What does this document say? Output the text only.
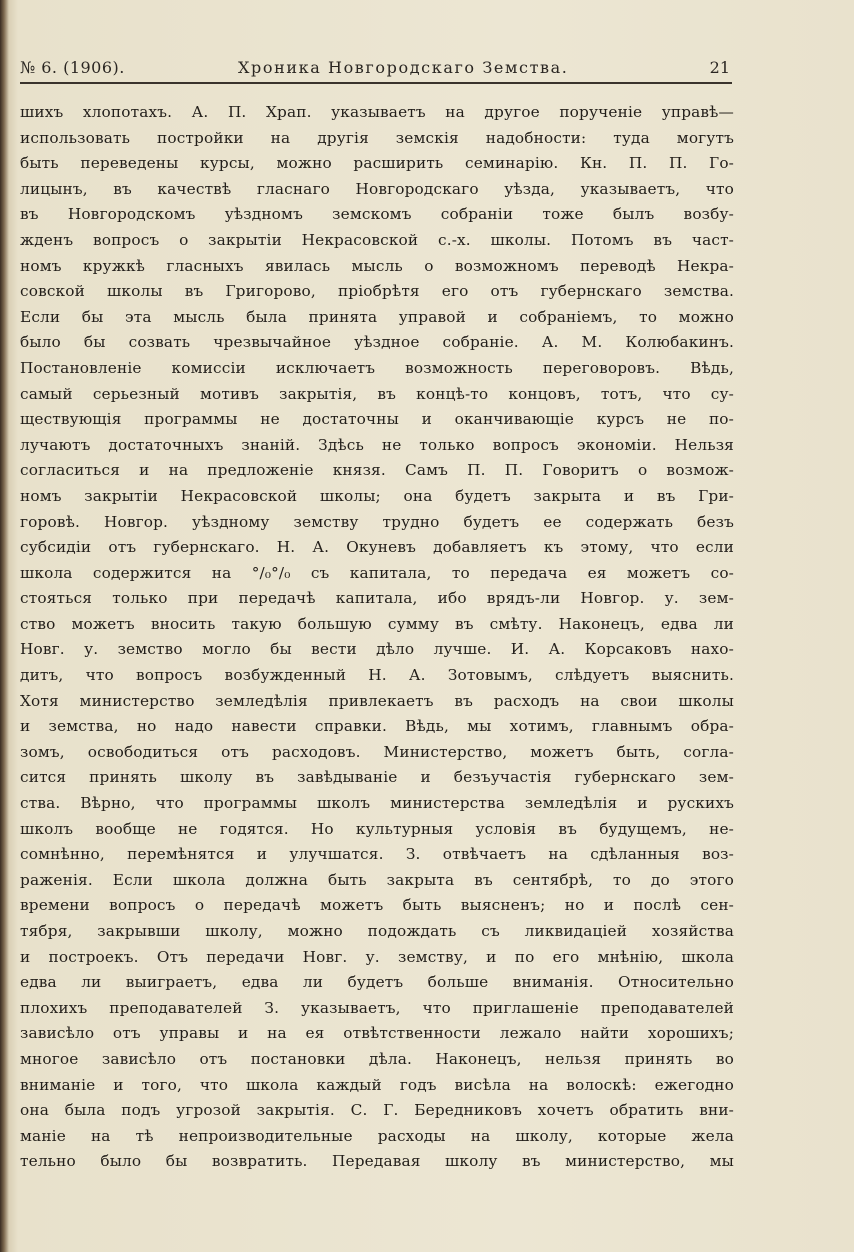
№ 6. (1906).	Хроника Новгородскаго Земства.	21
шихъ хлопотахъ. А. П. Храп. указываетъ на другое порученіе управѣ—
использовать постройки на другія земскія надобности: туда могутъ
быть переведены курсы, можно расширить семинарію. Кн. П. П. Го-
лицынъ, въ качествѣ гласнаго Новгородскаго уѣзда, указываетъ, что
въ Новгородскомъ уѣздномъ земскомъ собраніи тоже былъ возбу-
жденъ вопросъ о закрытіи Некрасовской с.-х. школы. Потомъ въ част-
номъ кружкѣ гласныхъ явилась мысль о возможномъ переводѣ Некра-
совской школы въ Григорово, пріобрѣтя его отъ губернскаго земства.
Если бы эта мысль была принята управой и собраніемъ, то можно
было бы созвать чрезвычайное уѣздное собраніе. А. М. Колюбакинъ.
Постановленіе комиссіи исключаетъ возможность переговоровъ. Вѣдь,
самый серьезный мотивъ закрытія, въ концѣ-то концовъ, тотъ, что су-
ществующія программы не достаточны и оканчивающіе курсъ не по-
лучаютъ достаточныхъ знаній. Здѣсь не только вопросъ экономіи. Нельзя
согласиться и на предложеніе князя. Самъ П. П. Говоритъ о возмож-
номъ закрытіи Некрасовской школы; она будетъ закрыта и въ Гри-
горовѣ. Новгор. уѣздному земству трудно будетъ ее содержать безъ
субсидіи отъ губернскаго. Н. А. Окуневъ добавляетъ къ этому, что если
школа содержится на °/₀°/₀ съ капитала, то передача ея можетъ со-
стояться только при передачѣ капитала, ибо врядъ-ли Новгор. у. зем-
ство можетъ вносить такую большую сумму въ смѣту. Наконецъ, едва ли
Новг. у. земство могло бы вести дѣло лучше. И. А. Корсаковъ нахо-
дитъ, что вопросъ возбужденный Н. А. Зотовымъ, слѣдуетъ выяснить.
Хотя министерство земледѣлія привлекаетъ въ расходъ на свои школы
и земства, но надо навести справки. Вѣдь, мы хотимъ, главнымъ обра-
зомъ, освободиться отъ расходовъ. Министерство, можетъ быть, согла-
сится принять школу въ завѣдываніе и безъучастія губернскаго зем-
ства. Вѣрно, что программы школъ министерства земледѣлія и рускихъ
школъ вообще не годятся. Но культурныя условія въ будущемъ, не-
сомнѣнно, перемѣнятся и улучшатся. З. отвѣчаетъ на сдѣланныя воз-
раженія. Если школа должна быть закрыта въ сентябрѣ, то до этого
времени вопросъ о передачѣ можетъ быть выясненъ; но и послѣ сен-
тября, закрывши школу, можно подождать съ ликвидаціей хозяйства
и построекъ. Отъ передачи Новг. у. земству, и по его мнѣнію, школа
едва ли выиграетъ, едва ли будетъ больше вниманія. Относительно
плохихъ преподавателей З. указываетъ, что приглашеніе преподавателей
зависѣло отъ управы и на ея отвѣтственности лежало найти хорошихъ;
многое зависѣло отъ постановки дѣла. Наконецъ, нельзя принять во
вниманіе и того, что школа каждый годъ висѣла на волоскѣ: ежегодно
она была подъ угрозой закрытія. С. Г. Бередниковъ хочетъ обратить вни-
маніе на тѣ непроизводительные расходы на школу, которые жела
тельно было бы возвратить. Передавая школу въ министерство, мы
